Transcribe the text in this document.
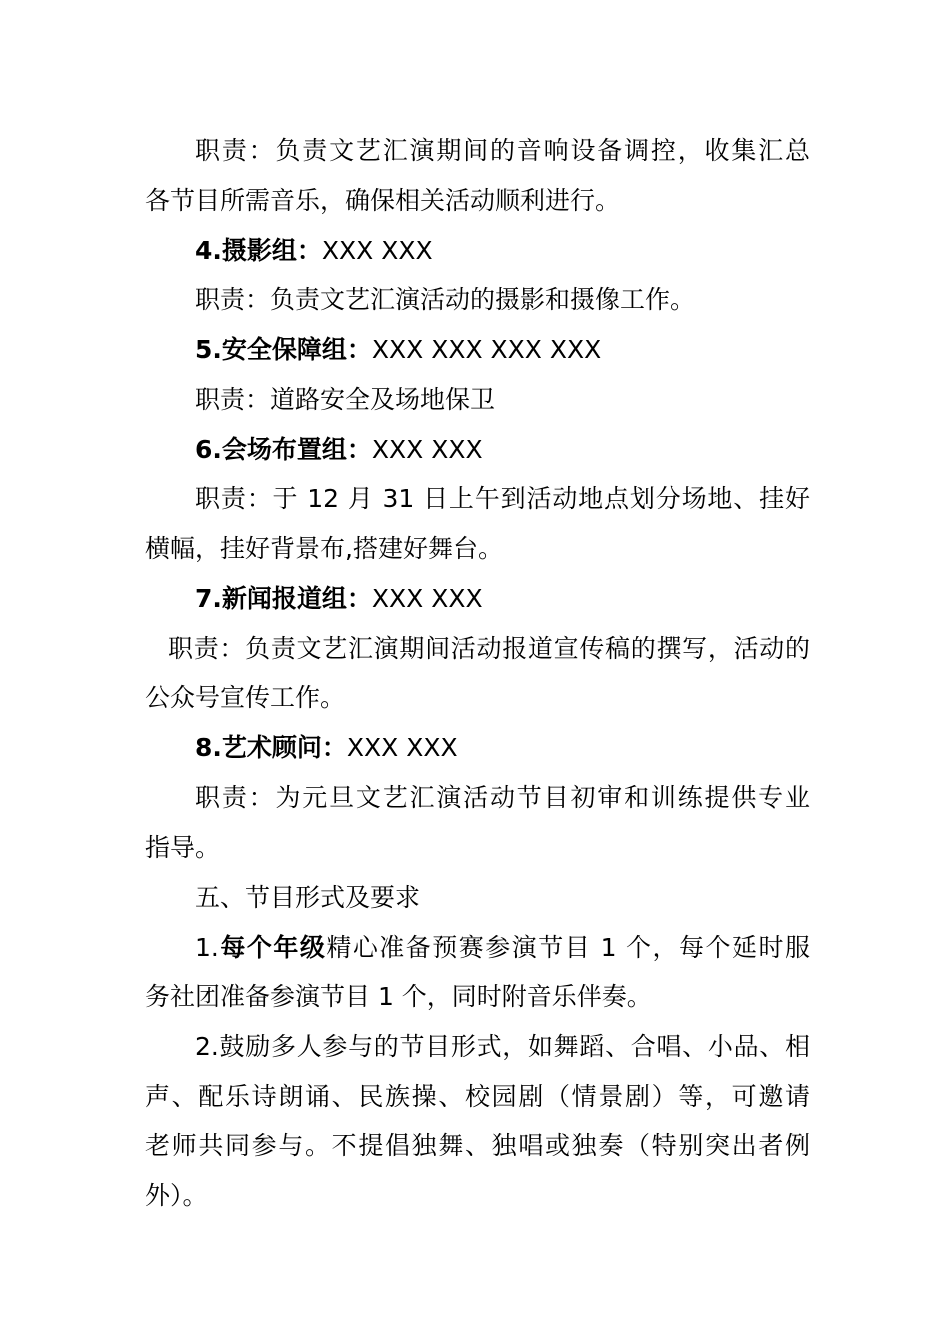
职责：负责文艺汇演期间的音响设备调控，收集汇总
各节目所需音乐，确保相关活动顺利进行。
4.摄影组：XXX XXX
职责：负责文艺汇演活动的摄影和摄像工作。
5.安全保障组：XXX XXX XXX XXX
职责：道路安全及场地保卫
6.会场布置组：XXX XXX
职责：于 12 月 31 日上午到活动地点划分场地、挂好
横幅，挂好背景布,搭建好舞台。
7.新闻报道组：XXX XXX
职责：负责文艺汇演期间活动报道宣传稿的撰写，活动的
公众号宣传工作。
8.艺术顾问：XXX XXX
职责：为元旦文艺汇演活动节目初审和训练提供专业
指导。
五、节目形式及要求
1.每个年级精心准备预赛参演节目 1 个，每个延时服
务社团准备参演节目 1 个，同时附音乐伴奏。
2.鼓励多人参与的节目形式，如舞蹈、合唱、小品、相
声、配乐诗朗诵、民族操、校园剧（情景剧）等，可邀请
老师共同参与。不提倡独舞、独唱或独奏（特别突出者例
外）。
